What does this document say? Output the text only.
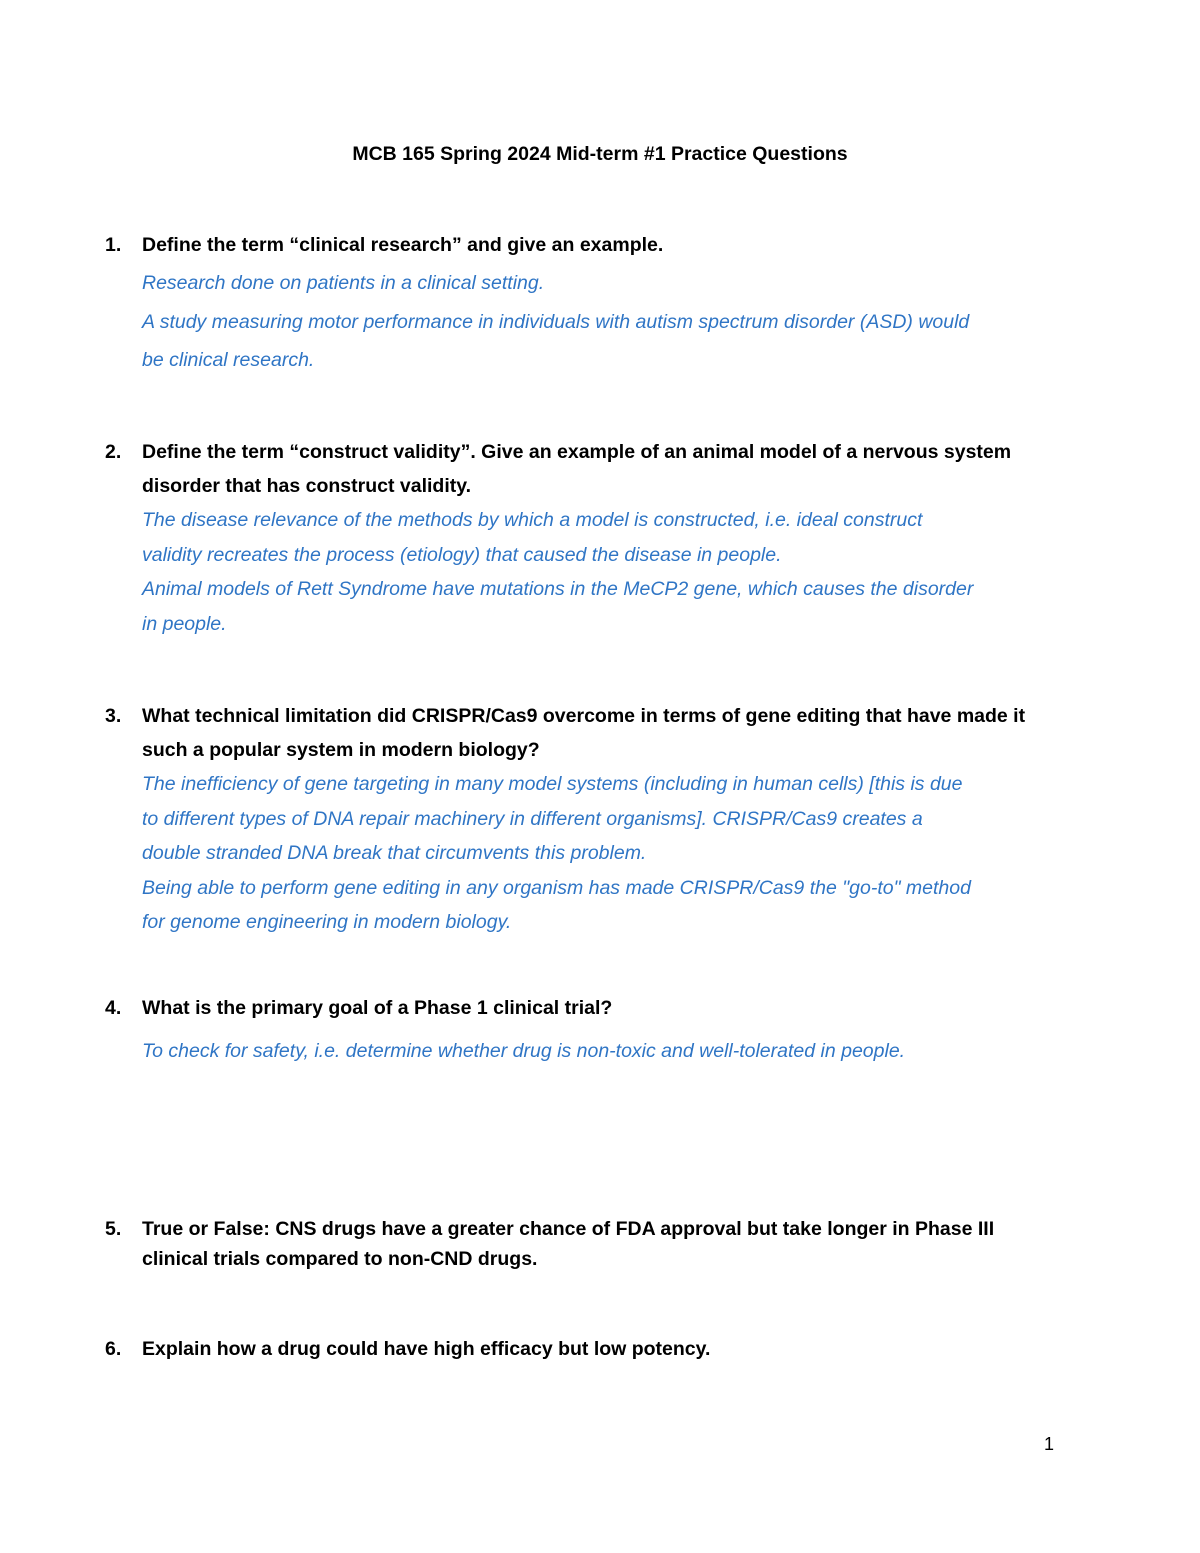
MCB 165 Spring 2024 Mid-term #1 Practice Questions
1. Define the term “clinical research” and give an example.
Research done on patients in a clinical setting.
A study measuring motor performance in individuals with autism spectrum disorder (ASD) would
be clinical research.
2. Define the term “construct validity”. Give an example of an animal model of a nervous system
disorder that has construct validity.
The disease relevance of the methods by which a model is constructed, i.e. ideal construct
validity recreates the process (etiology) that caused the disease in people.
Animal models of Rett Syndrome have mutations in the MeCP2 gene, which causes the disorder
in people.
3. What technical limitation did CRISPR/Cas9 overcome in terms of gene editing that have made it
such a popular system in modern biology?
The inefficiency of gene targeting in many model systems (including in human cells) [this is due
to different types of DNA repair machinery in different organisms]. CRISPR/Cas9 creates a
double stranded DNA break that circumvents this problem.
Being able to perform gene editing in any organism has made CRISPR/Cas9 the "go-to" method
for genome engineering in modern biology.
4. What is the primary goal of a Phase 1 clinical trial?
To check for safety, i.e. determine whether drug is non-toxic and well-tolerated in people.
5. True or False: CNS drugs have a greater chance of FDA approval but take longer in Phase III
clinical trials compared to non-CND drugs.
6. Explain how a drug could have high efficacy but low potency.
1
